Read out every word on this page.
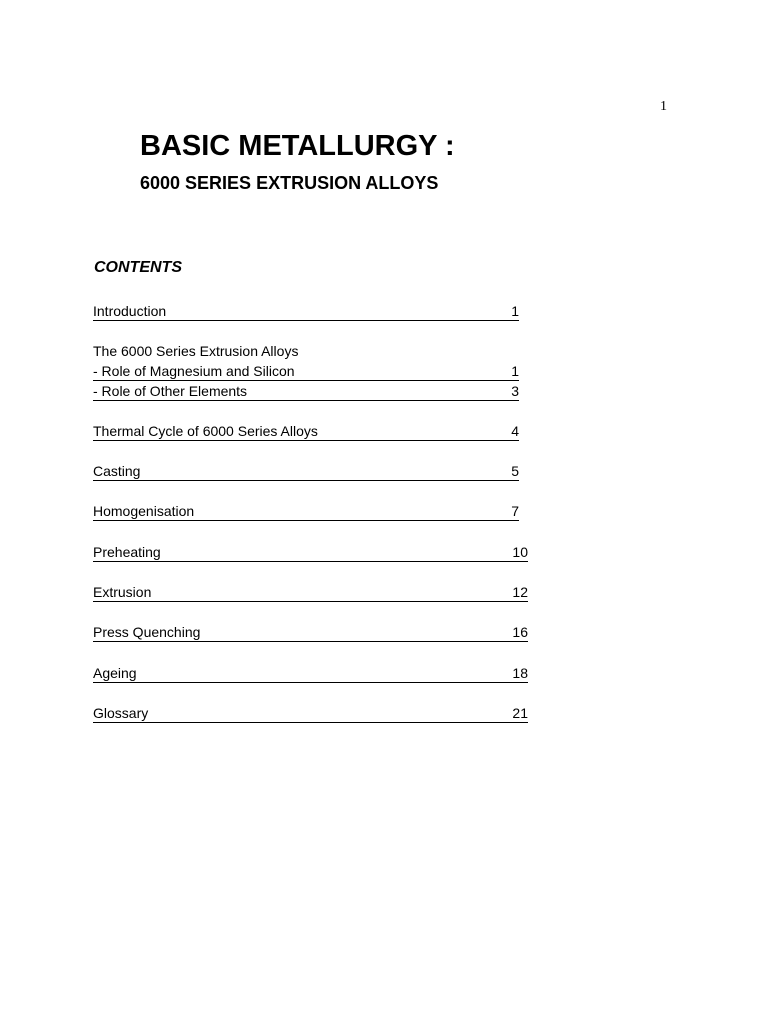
1
BASIC METALLURGY :
6000 SERIES EXTRUSION ALLOYS
CONTENTS
Introduction	1
The 6000 Series Extrusion Alloys
- Role of Magnesium and Silicon	1
- Role of Other Elements	3
Thermal Cycle of 6000 Series Alloys	4
Casting	5
Homogenisation	7
Preheating	10
Extrusion	12
Press Quenching	16
Ageing	18
Glossary	21
